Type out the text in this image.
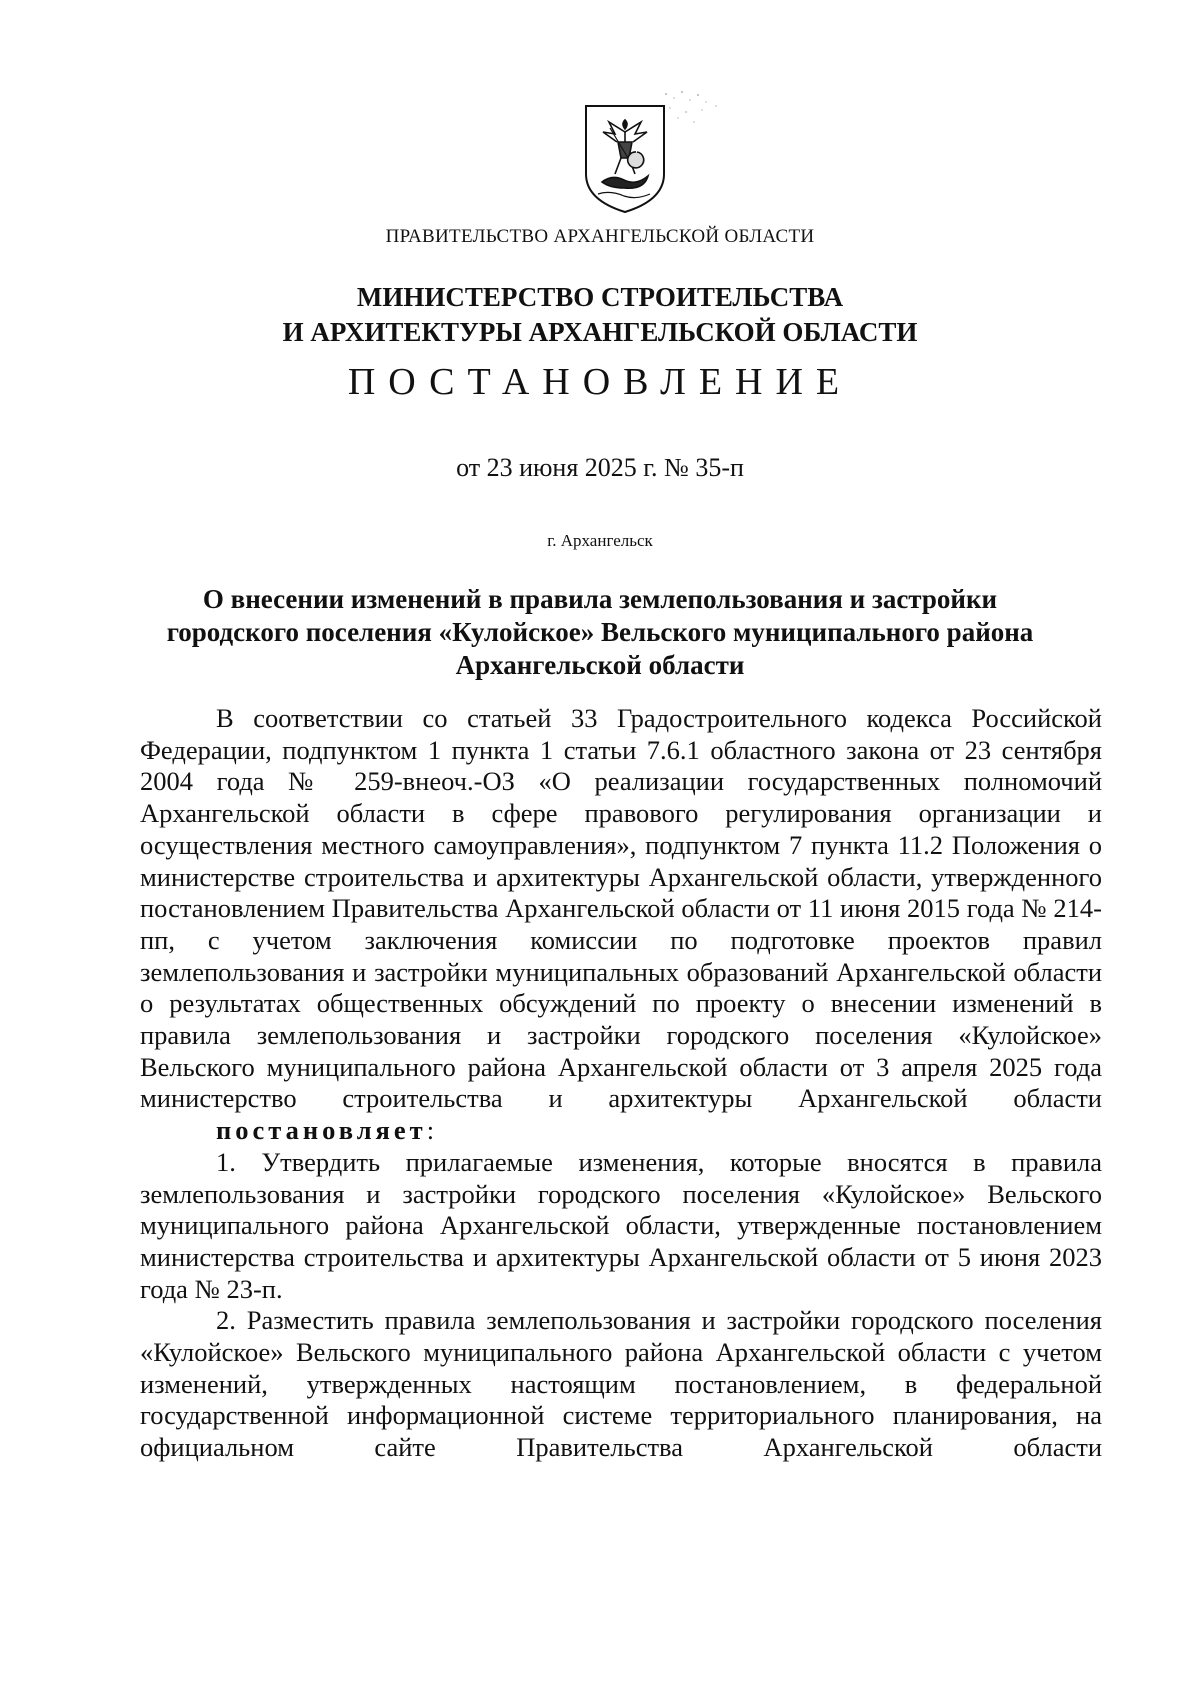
ПРАВИТЕЛЬСТВО АРХАНГЕЛЬСКОЙ ОБЛАСТИ
МИНИСТЕРСТВО СТРОИТЕЛЬСТВА
И АРХИТЕКТУРЫ АРХАНГЕЛЬСКОЙ ОБЛАСТИ
ПОСТАНОВЛЕНИЕ
от 23 июня 2025 г. № 35-п
г. Архангельск
О внесении изменений в правила землепользования и застройки
городского поселения «Кулойское» Вельского муниципального района
Архангельской области

В соответствии со статьей 33 Градостроительного кодекса Российской Федерации, подпунктом 1 пункта 1 статьи 7.6.1 областного закона от 23 сентября 2004 года № 259-внеоч.-ОЗ «О реализации государственных полномочий Архангельской области в сфере правового регулирования организации и осуществления местного самоуправления», подпунктом 7 пункта 11.2 Положения о министерстве строительства и архитектуры Архангельской области, утвержденного постановлением Правительства Архангельской области от 11 июня 2015 года № 214-пп, с учетом заключения комиссии по подготовке проектов правил землепользования и застройки муниципальных образований Архангельской области о результатах общественных обсуждений по проекту о внесении изменений в правила землепользования и застройки городского поселения «Кулойское» Вельского муниципального района Архангельской области от 3 апреля 2025 года министерство строительства и архитектуры Архангельской области

постановляет:

1. Утвердить прилагаемые изменения, которые вносятся в правила землепользования и застройки городского поселения «Кулойское» Вельского муниципального района Архангельской области, утвержденные постановлением министерства строительства и архитектуры Архангельской области от 5 июня 2023 года № 23-п.

2. Разместить правила землепользования и застройки городского поселения «Кулойское» Вельского муниципального района Архангельской области с учетом изменений, утвержденных настоящим постановлением, в федеральной государственной информационной системе территориального планирования, на официальном сайте Правительства Архангельской области
